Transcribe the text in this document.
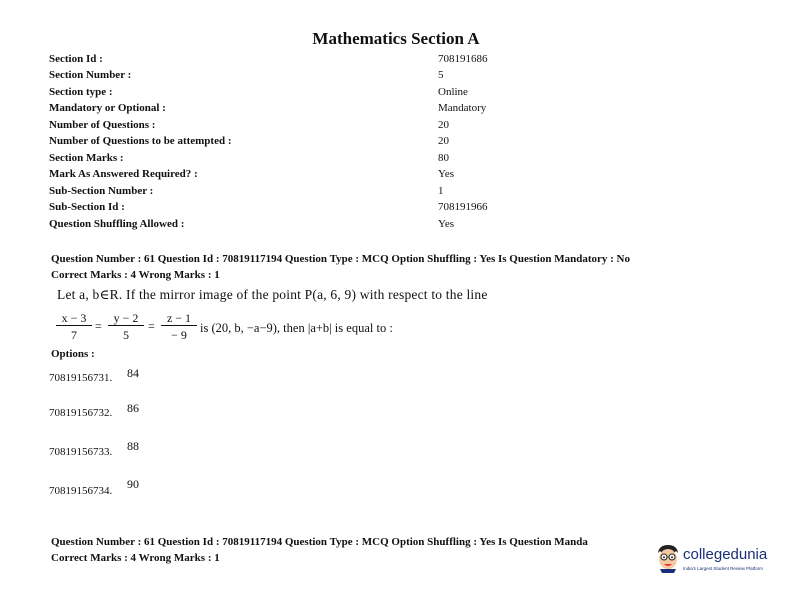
Mathematics Section A
Section Id :	708191686
Section Number :	5
Section type :	Online
Mandatory or Optional :	Mandatory
Number of Questions :	20
Number of Questions to be attempted :	20
Section Marks :	80
Mark As Answered Required? :	Yes
Sub-Section Number :	1
Sub-Section Id :	708191966
Question Shuffling Allowed :	Yes
Question Number : 61 Question Id : 70819117194 Question Type : MCQ Option Shuffling : Yes Is Question Mandatory : No
Correct Marks : 4 Wrong Marks : 1
Let a, b∈R. If the mirror image of the point P(a, 6, 9) with respect to the line
$\frac{x - 3}{7} = \frac{y - 2}{5} = \frac{z - 1}{- 9}$ is (20, b, −a−9), then |a+b| is equal to :
Options :
70819156731. 84
70819156732. 86
70819156733. 88
70819156734. 90
Question Number : 61 Question Id : 70819117194 Question Type : MCQ Option Shuffling : Yes Is Question Manda
Correct Marks : 4 Wrong Marks : 1	collegedunia
India's Largest Student Review Platform
